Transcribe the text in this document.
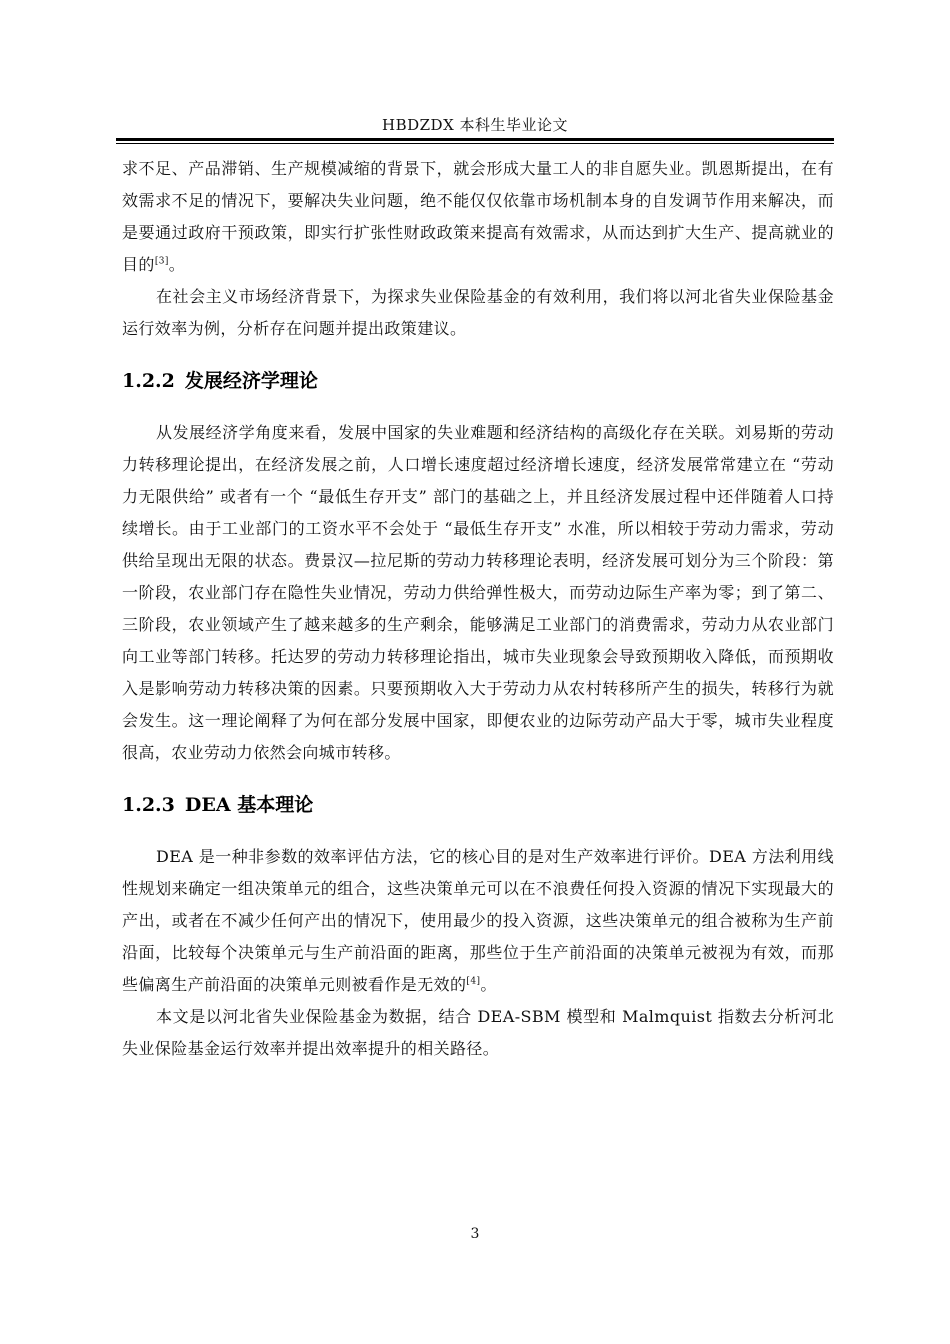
HBDZDX 本科生毕业论文

求不足、产品滞销、生产规模减缩的背景下，就会形成大量工人的非自愿失业。凯恩斯提出，在有效需求不足的情况下，要解决失业问题，绝不能仅仅依靠市场机制本身的自发调节作用来解决，而是要通过政府干预政策，即实行扩张性财政政策来提高有效需求，从而达到扩大生产、提高就业的目的[3]。

在社会主义市场经济背景下，为探求失业保险基金的有效利用，我们将以河北省失业保险基金运行效率为例，分析存在问题并提出政策建议。

1.2.2 发展经济学理论

从发展经济学角度来看，发展中国家的失业难题和经济结构的高级化存在关联。刘易斯的劳动力转移理论提出，在经济发展之前，人口增长速度超过经济增长速度，经济发展常常建立在 “劳动力无限供给” 或者有一个 “最低生存开支” 部门的基础之上，并且经济发展过程中还伴随着人口持续增长。由于工业部门的工资水平不会处于 “最低生存开支” 水准，所以相较于劳动力需求，劳动供给呈现出无限的状态。费景汉—拉尼斯的劳动力转移理论表明，经济发展可划分为三个阶段：第一阶段，农业部门存在隐性失业情况，劳动力供给弹性极大，而劳动边际生产率为零；到了第二、三阶段，农业领域产生了越来越多的生产剩余，能够满足工业部门的消费需求，劳动力从农业部门向工业等部门转移。托达罗的劳动力转移理论指出，城市失业现象会导致预期收入降低，而预期收入是影响劳动力转移决策的因素。只要预期收入大于劳动力从农村转移所产生的损失，转移行为就会发生。这一理论阐释了为何在部分发展中国家，即便农业的边际劳动产品大于零，城市失业程度很高，农业劳动力依然会向城市转移。

1.2.3 DEA 基本理论

DEA 是一种非参数的效率评估方法，它的核心目的是对生产效率进行评价。DEA 方法利用线性规划来确定一组决策单元的组合，这些决策单元可以在不浪费任何投入资源的情况下实现最大的产出，或者在不减少任何产出的情况下，使用最少的投入资源，这些决策单元的组合被称为生产前沿面，比较每个决策单元与生产前沿面的距离，那些位于生产前沿面的决策单元被视为有效，而那些偏离生产前沿面的决策单元则被看作是无效的[4]。

本文是以河北省失业保险基金为数据，结合 DEA-SBM 模型和 Malmquist 指数去分析河北失业保险基金运行效率并提出效率提升的相关路径。

3
